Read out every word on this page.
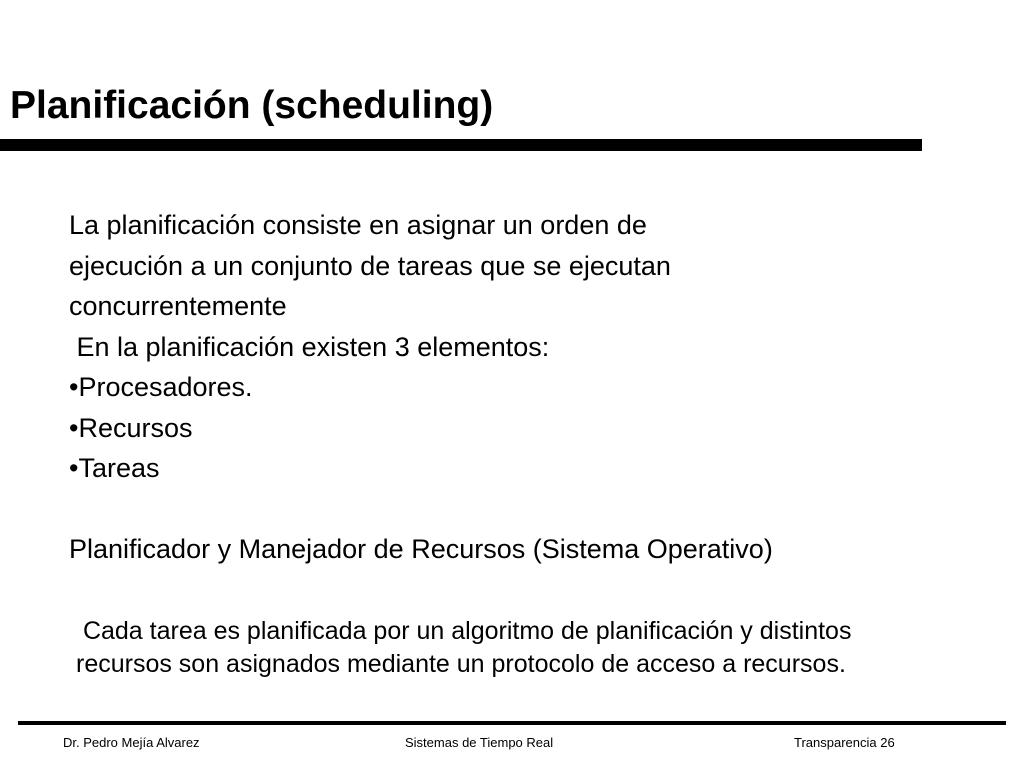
Planificación (scheduling)
La planificación consiste en asignar un orden de
ejecución a un conjunto de tareas que se ejecutan
concurrentemente
En la planificación existen 3 elementos:
•Procesadores.
•Recursos
•Tareas
Planificador y Manejador de Recursos (Sistema Operativo)
Cada tarea es planificada por un algoritmo de planificación y distintos
recursos son asignados mediante un protocolo de acceso a recursos.
Dr. Pedro Mejía Alvarez	Sistemas de Tiempo Real	Transparencia 26
